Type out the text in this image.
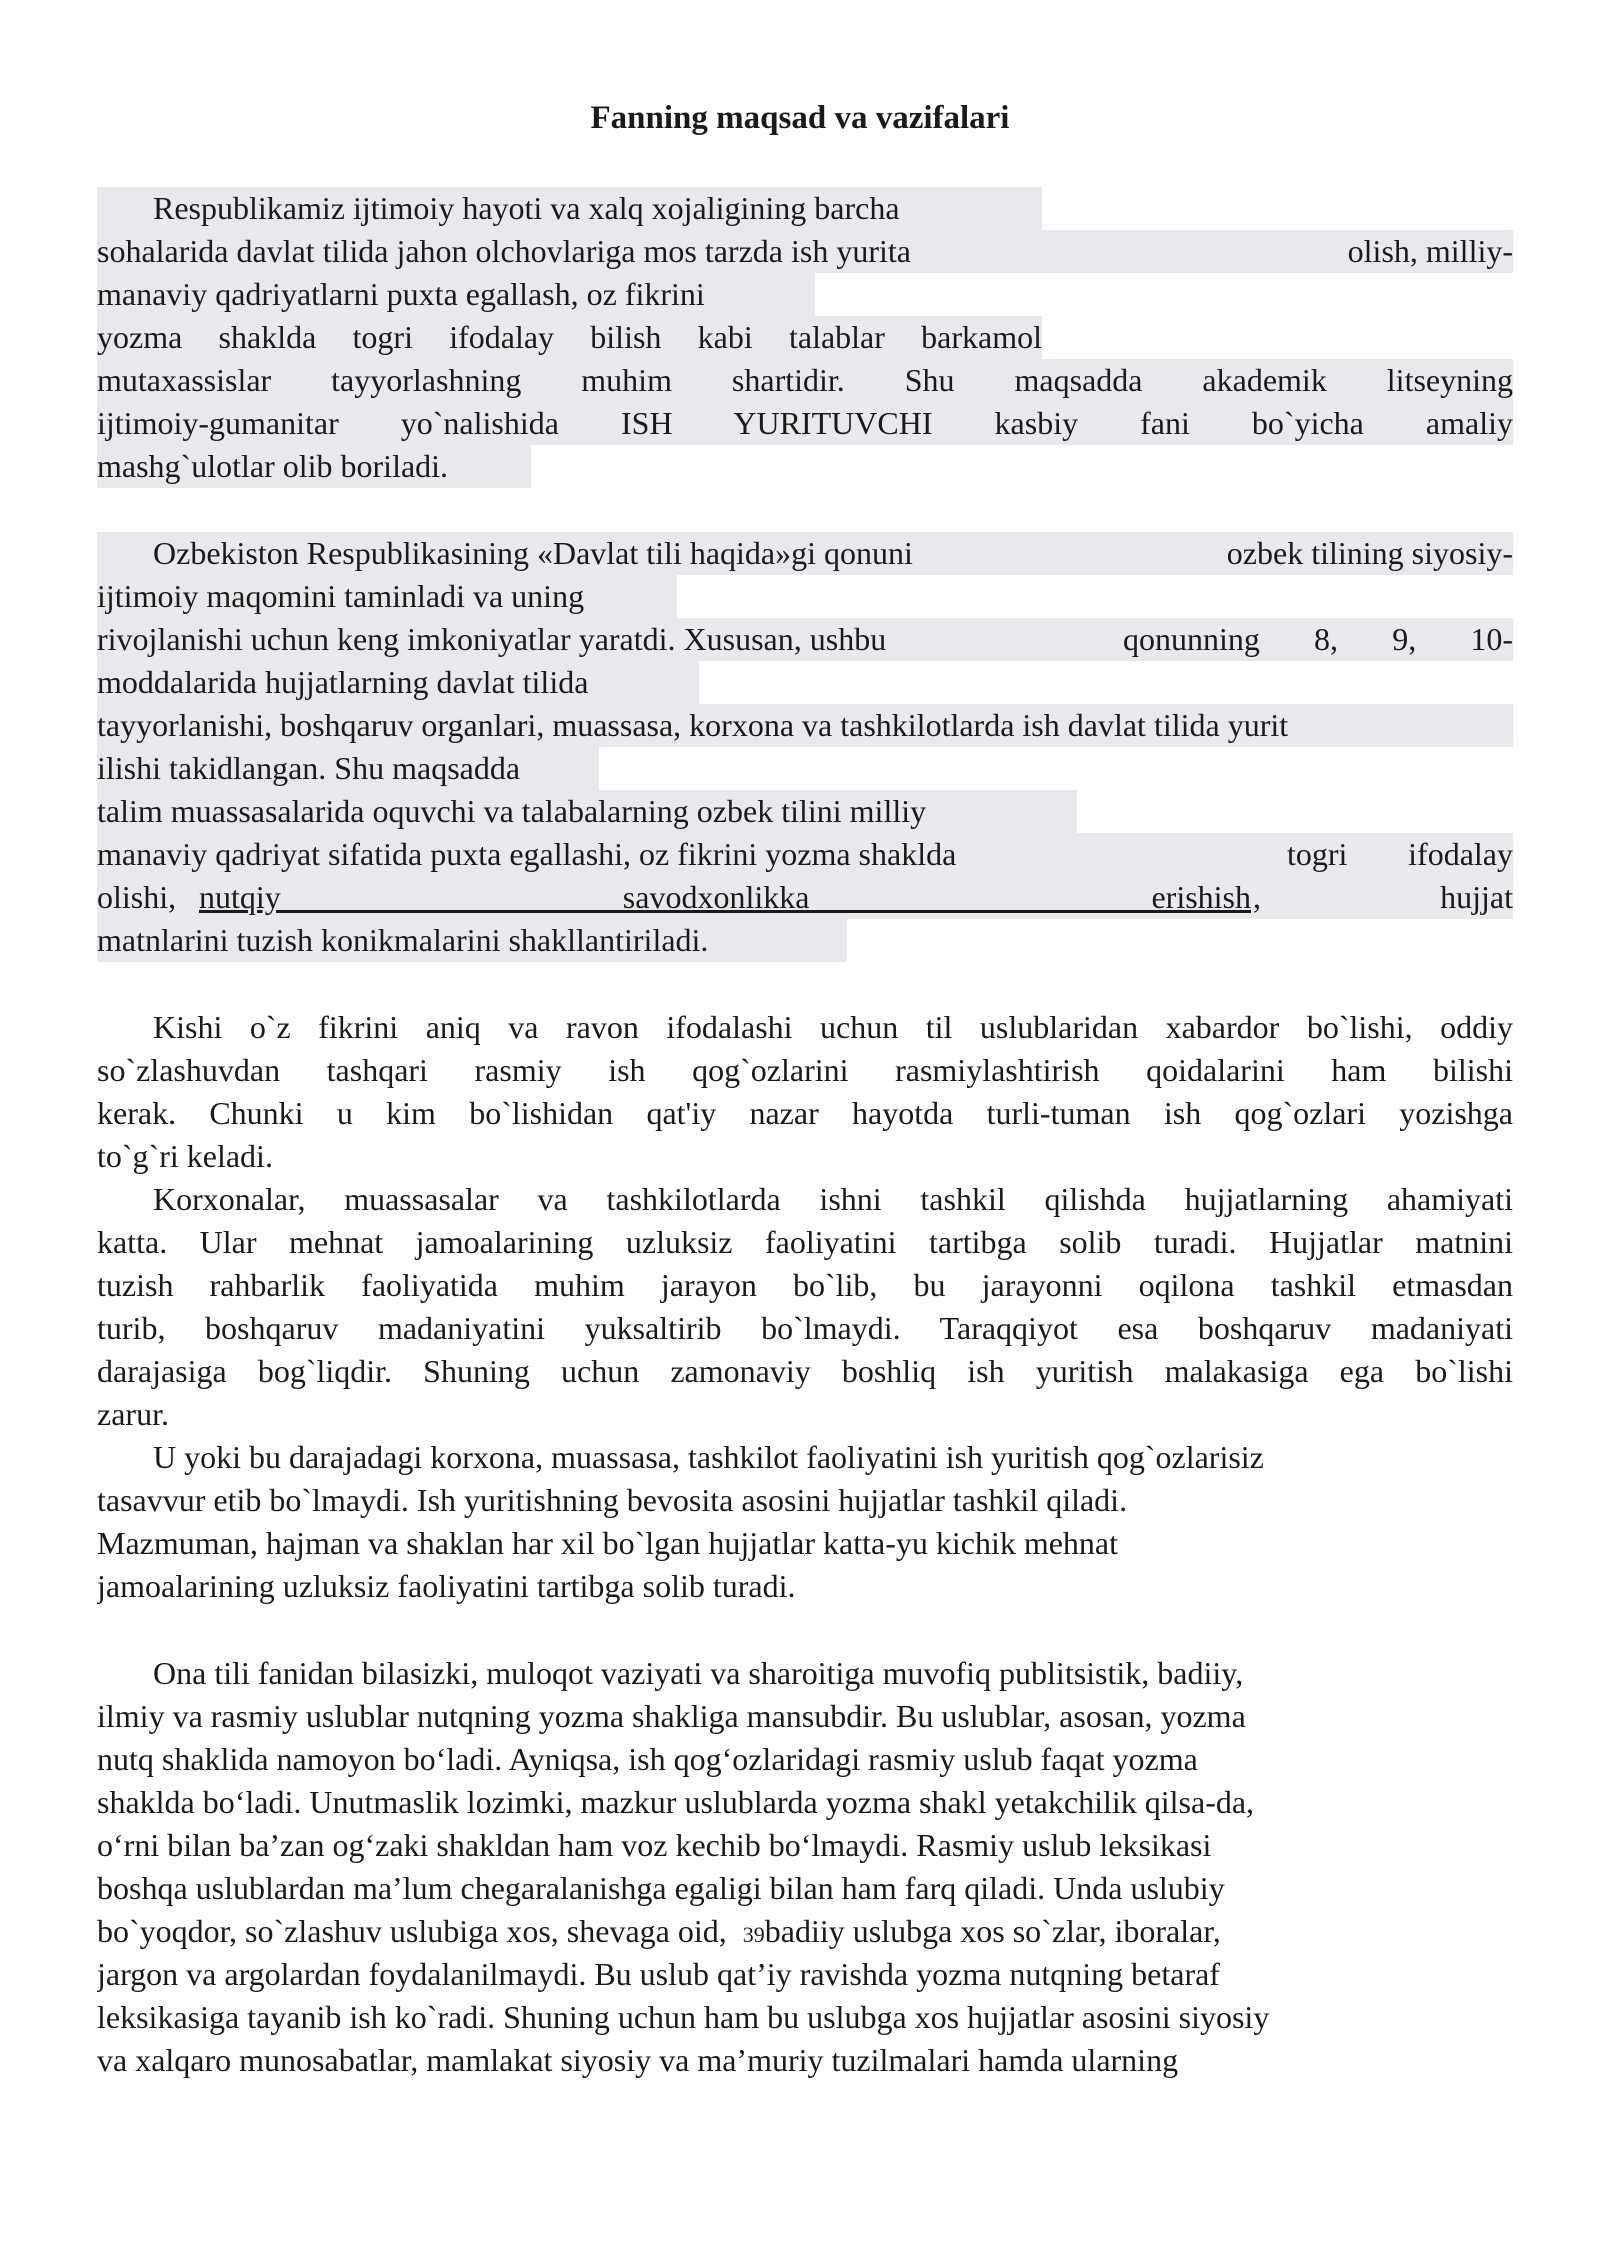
Fanning maqsad va vazifalari
Respublikamiz ijtimoiy hayoti va xalq xojaligining barcha
sohalarida davlat tilida jahon olchovlariga mos tarzda ish yurita	olish, milliy-
manaviy qadriyatlarni puxta egallash, oz fikrini
yozma shaklda togri ifodalay bilish kabi talablar barkamol
mutaxassislar tayyorlashning muhim shartidir. Shu maqsadda akademik litseyning
ijtimoiy-gumanitar yo`nalishida ISH YURITUVCHI kasbiy fani bo`yicha amaliy
mashg`ulotlar olib boriladi.
Ozbekiston Respublikasining «Davlat tili haqida»gi qonuni	ozbek tilining siyosiy-
ijtimoiy maqomini taminladi va uning
rivojlanishi uchun keng imkoniyatlar yaratdi. Xususan, ushbu	qonunning 8, 9, 10-
moddalarida hujjatlarning davlat tilida
tayyorlanishi, boshqaruv organlari, muassasa, korxona va tashkilotlarda ish davlat tilida yurit
ilishi takidlangan. Shu maqsadda
talim muassasalarida oquvchi va talabalarning ozbek tilini milliy
manaviy qadriyat sifatida puxta egallashi, oz fikrini yozma shaklda	togri ifodalay
olishi, nutqiy savodxonlikka erishish ,	hujjat
matnlarini tuzish konikmalarini shakllantiriladi.
Kishi o`z fikrini aniq va ravon ifodalashi uchun til uslublaridan xabardor bo`lishi, oddiy
so`zlashuvdan tashqari rasmiy ish qog`ozlarini rasmiylashtirish qoidalarini ham bilishi
kerak. Chunki u kim bo`lishidan qat'iy nazar hayotda turli-tuman ish qog`ozlari yozishga
to`g`ri keladi.
Korxonalar, muassasalar va tashkilotlarda ishni tashkil qilishda hujjatlarning ahamiyati
katta. Ular mehnat jamoalarining uzluksiz faoliyatini tartibga solib turadi. Hujjatlar matnini
tuzish rahbarlik faoliyatida muhim jarayon bo`lib, bu jarayonni oqilona tashkil etmasdan
turib, boshqaruv madaniyatini yuksaltirib bo`lmaydi. Taraqqiyot esa boshqaruv madaniyati
darajasiga bog`liqdir. Shuning uchun zamonaviy boshliq ish yuritish malakasiga ega bo`lishi
zarur.
U yoki bu darajadagi korxona, muassasa, tashkilot faoliyatini ish yuritish qog`ozlarisiz
tasavvur etib bo`lmaydi. Ish yuritishning bevosita asosini hujjatlar tashkil qiladi.
Mazmuman, hajman va shaklan har xil bo`lgan hujjatlar katta-yu kichik mehnat
jamoalarining uzluksiz faoliyatini tartibga solib turadi.
Ona tili fanidan bilasizki, muloqot vaziyati va sharoitiga muvofiq publitsistik, badiiy,
ilmiy va rasmiy uslublar nutqning yozma shakliga mansubdir. Bu uslublar, asosan, yozma
nutq shaklida namoyon bo‘ladi. Ayniqsa, ish qog‘ozlaridagi rasmiy uslub faqat yozma
shaklda bo‘ladi. Unutmaslik lozimki, mazkur uslublarda yozma shakl yetakchilik qilsa-da,
o‘rni bilan ba’zan og‘zaki shakldan ham voz kechib bo‘lmaydi. Rasmiy uslub leksikasi
boshqa uslublardan ma’lum chegaralanishga egaligi bilan ham farq qiladi. Unda uslubiy
bo`yoqdor, so`zlashuv uslubiga xos, shevaga oid, 39badiiy uslubga xos so`zlar, iboralar,
jargon va argolardan foydalanilmaydi. Bu uslub qat’iy ravishda yozma nutqning betaraf
leksikasiga tayanib ish ko`radi. Shuning uchun ham bu uslubga xos hujjatlar asosini siyosiy
va xalqaro munosabatlar, mamlakat siyosiy va ma’muriy tuzilmalari hamda ularning
